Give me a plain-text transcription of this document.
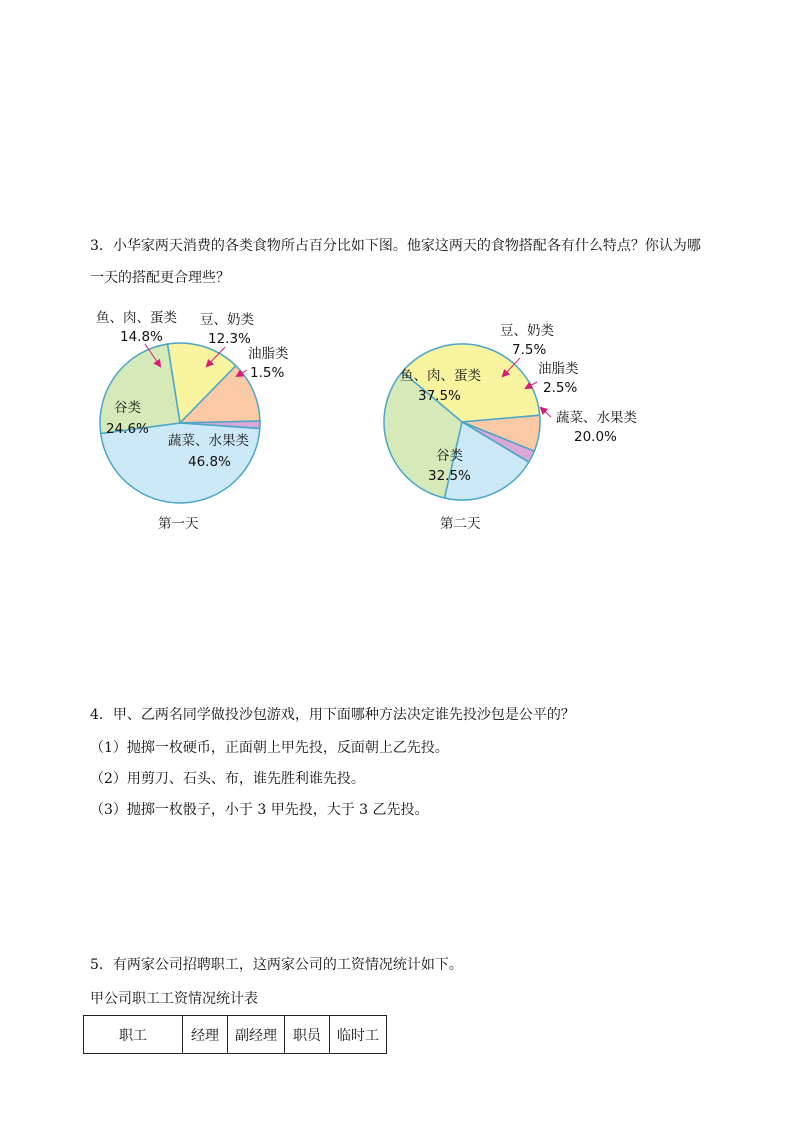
3．小华家两天消费的各类食物所占百分比如下图。他家这两天的食物搭配各有什么特点？你认为哪
一天的搭配更合理些？
鱼、肉、蛋类
14.8%
豆、奶类
12.3%
油脂类
1.5%
谷类
24.6%
蔬菜、水果类
46.8%
第一天
鱼、肉、蛋类
37.5%
豆、奶类
7.5%
油脂类
2.5%
蔬菜、水果类
20.0%
谷类
32.5%
第二天
4．甲、乙两名同学做投沙包游戏，用下面哪种方法决定谁先投沙包是公平的？
（1）抛掷一枚硬币，正面朝上甲先投，反面朝上乙先投。
（2）用剪刀、石头、布，谁先胜利谁先投。
（3）抛掷一枚骰子，小于 3 甲先投，大于 3 乙先投。
5．有两家公司招聘职工，这两家公司的工资情况统计如下。
甲公司职工工资情况统计表
职工	经理	副经理	职员	临时工
